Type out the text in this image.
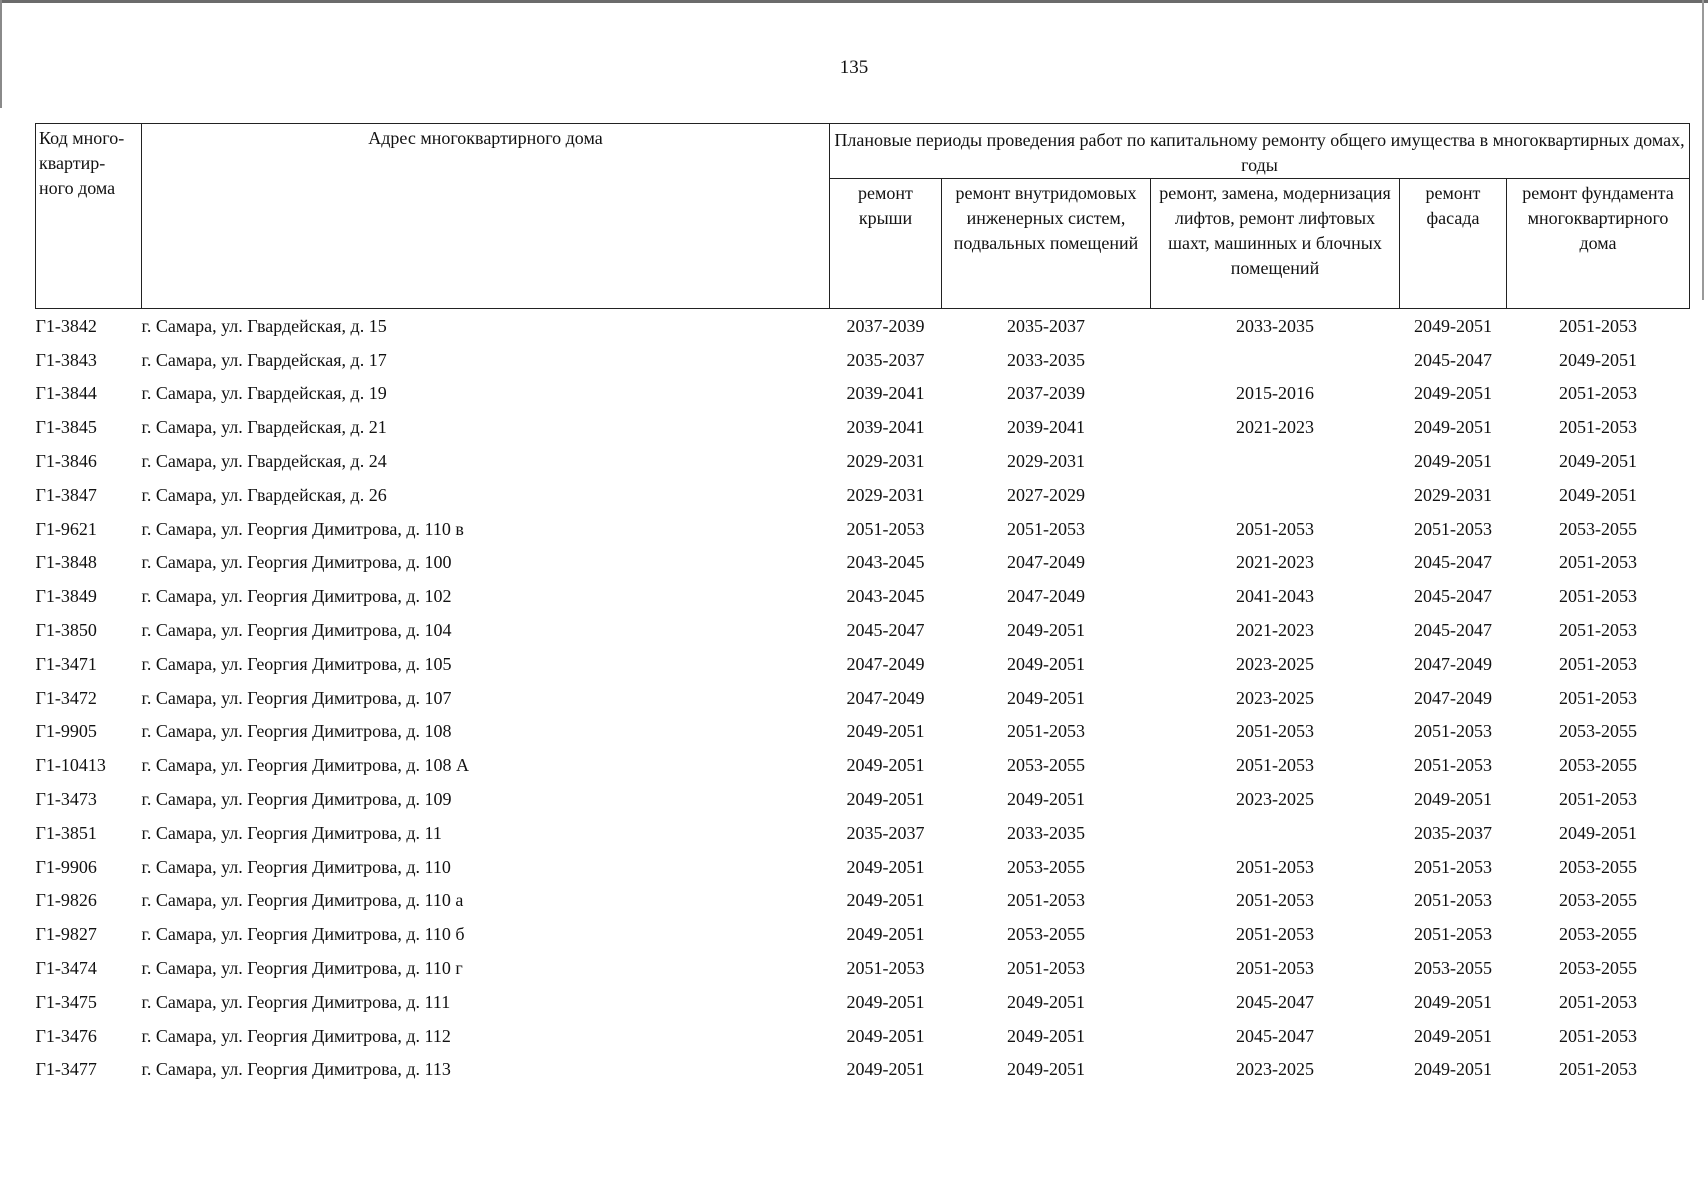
135
Код много-квартир-ного дома	Адрес многоквартирного дома	Плановые периоды проведения работ по капитальному ремонту общего имущества в многоквартирных домах, годы				
		ремонт крыши	ремонт внутридомовых инженерных систем, подвальных помещений	ремонт, замена, модернизация лифтов, ремонт лифтовых шахт, машинных и блочных помещений	ремонт фасада	ремонт фундамента многоквартирного дома
Г1-3842	г. Самара, ул. Гвардейская, д. 15	2037-2039	2035-2037	2033-2035	2049-2051	2051-2053
Г1-3843	г. Самара, ул. Гвардейская, д. 17	2035-2037	2033-2035		2045-2047	2049-2051
Г1-3844	г. Самара, ул. Гвардейская, д. 19	2039-2041	2037-2039	2015-2016	2049-2051	2051-2053
Г1-3845	г. Самара, ул. Гвардейская, д. 21	2039-2041	2039-2041	2021-2023	2049-2051	2051-2053
Г1-3846	г. Самара, ул. Гвардейская, д. 24	2029-2031	2029-2031		2049-2051	2049-2051
Г1-3847	г. Самара, ул. Гвардейская, д. 26	2029-2031	2027-2029		2029-2031	2049-2051
Г1-9621	г. Самара, ул. Георгия Димитрова, д. 110 в	2051-2053	2051-2053	2051-2053	2051-2053	2053-2055
Г1-3848	г. Самара, ул. Георгия Димитрова, д. 100	2043-2045	2047-2049	2021-2023	2045-2047	2051-2053
Г1-3849	г. Самара, ул. Георгия Димитрова, д. 102	2043-2045	2047-2049	2041-2043	2045-2047	2051-2053
Г1-3850	г. Самара, ул. Георгия Димитрова, д. 104	2045-2047	2049-2051	2021-2023	2045-2047	2051-2053
Г1-3471	г. Самара, ул. Георгия Димитрова, д. 105	2047-2049	2049-2051	2023-2025	2047-2049	2051-2053
Г1-3472	г. Самара, ул. Георгия Димитрова, д. 107	2047-2049	2049-2051	2023-2025	2047-2049	2051-2053
Г1-9905	г. Самара, ул. Георгия Димитрова, д. 108	2049-2051	2051-2053	2051-2053	2051-2053	2053-2055
Г1-10413	г. Самара, ул. Георгия Димитрова, д. 108 А	2049-2051	2053-2055	2051-2053	2051-2053	2053-2055
Г1-3473	г. Самара, ул. Георгия Димитрова, д. 109	2049-2051	2049-2051	2023-2025	2049-2051	2051-2053
Г1-3851	г. Самара, ул. Георгия Димитрова, д. 11	2035-2037	2033-2035		2035-2037	2049-2051
Г1-9906	г. Самара, ул. Георгия Димитрова, д. 110	2049-2051	2053-2055	2051-2053	2051-2053	2053-2055
Г1-9826	г. Самара, ул. Георгия Димитрова, д. 110 а	2049-2051	2051-2053	2051-2053	2051-2053	2053-2055
Г1-9827	г. Самара, ул. Георгия Димитрова, д. 110 б	2049-2051	2053-2055	2051-2053	2051-2053	2053-2055
Г1-3474	г. Самара, ул. Георгия Димитрова, д. 110 г	2051-2053	2051-2053	2051-2053	2053-2055	2053-2055
Г1-3475	г. Самара, ул. Георгия Димитрова, д. 111	2049-2051	2049-2051	2045-2047	2049-2051	2051-2053
Г1-3476	г. Самара, ул. Георгия Димитрова, д. 112	2049-2051	2049-2051	2045-2047	2049-2051	2051-2053
Г1-3477	г. Самара, ул. Георгия Димитрова, д. 113	2049-2051	2049-2051	2023-2025	2049-2051	2051-2053
